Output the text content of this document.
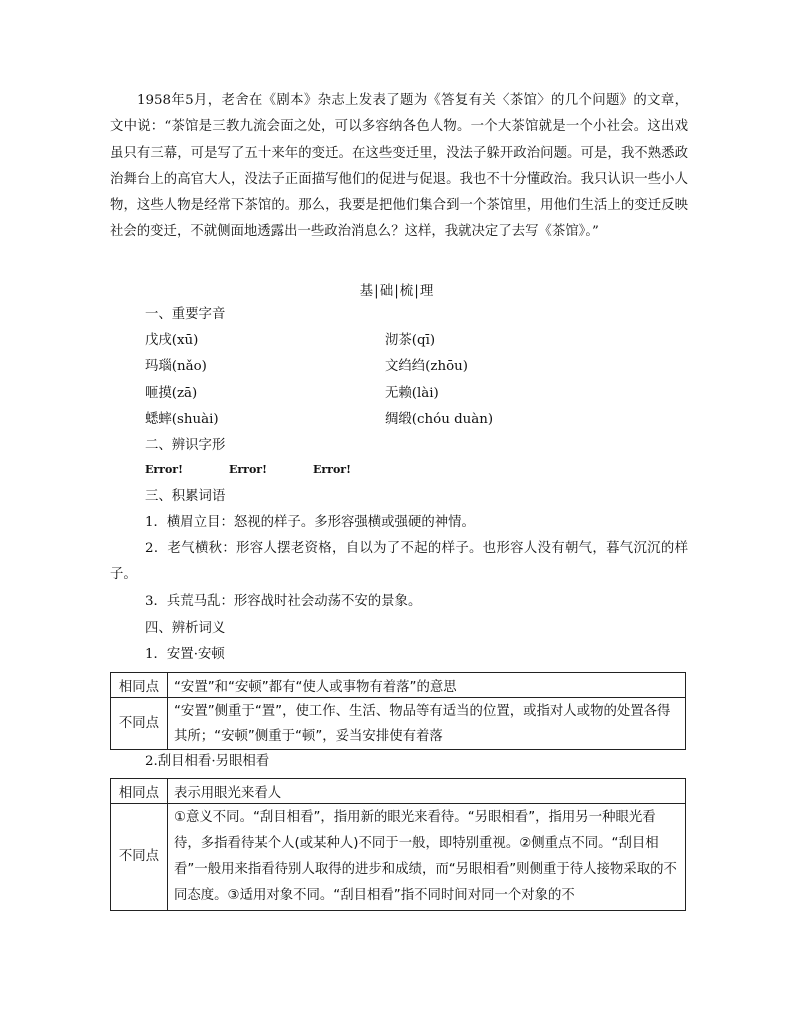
1958年5月，老舍在《剧本》杂志上发表了题为《答复有关〈茶馆〉的几个问题》的文章，文中说：“茶馆是三教九流会面之处，可以多容纳各色人物。一个大茶馆就是一个小社会。这出戏虽只有三幕，可是写了五十来年的变迁。在这些变迁里，没法子躲开政治问题。可是，我不熟悉政治舞台上的高官大人，没法子正面描写他们的促进与促退。我也不十分懂政治。我只认识一些小人物，这些人物是经常下茶馆的。那么，我要是把他们集合到一个茶馆里，用他们生活上的变迁反映社会的变迁，不就侧面地透露出一些政治消息么？这样，我就决定了去写《茶馆》。”

基|础|梳|理

一、重要字音

戊戌(xū)	沏茶(qī)

玛瑙(nǎo)	文绉绉(zhōu)

咂摸(zā)	无赖(lài)

蟋蟀(shuài)	绸缎(chóu duàn)

二、辨识字形

Error!	Error!	Error!

三、积累词语

1．横眉立目：怒视的样子。多形容强横或强硬的神情。

2．老气横秋：形容人摆老资格，自以为了不起的样子。也形容人没有朝气，暮气沉沉的样子。

3．兵荒马乱：形容战时社会动荡不安的景象。

四、辨析词义

1．安置·安顿

相同点	“安置”和“安顿”都有“使人或事物有着落”的意思
不同点	“安置”侧重于“置”，使工作、生活、物品等有适当的位置，或指对人或物的处置各得其所；“安顿”侧重于“顿”，妥当安排使有着落

2.刮目相看·另眼相看

相同点	表示用眼光来看人
不同点	①意义不同。“刮目相看”，指用新的眼光来看待。“另眼相看”，指用另一种眼光看待，多指看待某个人(或某种人)不同于一般，即特别重视。②侧重点不同。“刮目相看”一般用来指看待别人取得的进步和成绩，而“另眼相看”则侧重于待人接物采取的不同态度。③适用对象不同。“刮目相看”指不同时间对同一个对象的不
